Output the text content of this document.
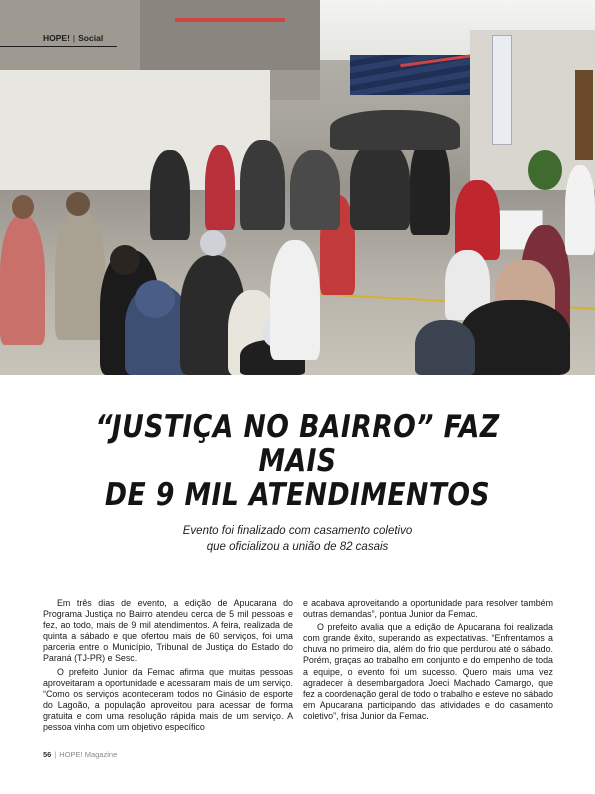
HOPE! | Social
“JUSTIÇA NO BAIRRO” FAZ MAIS
DE 9 MIL ATENDIMENTOS
Evento foi finalizado com casamento coletivo
que oficializou a união de 82 casais

Em três dias de evento, a edição de Apucarana do Programa Justiça no Bairro atendeu cerca de 5 mil pessoas e fez, ao todo, mais de 9 mil atendimentos. A feira, realizada de quinta a sábado e que ofertou mais de 60 serviços, foi uma parceria entre o Município, Tribunal de Justiça do Estado do Paraná (TJ-PR) e Sesc.

O prefeito Junior da Femac afirma que muitas pessoas aproveitaram a oportunidade e acessaram mais de um serviço. “Como os serviços aconteceram todos no Ginásio de esporte do Lagoão, a população aproveitou para acessar de forma gratuita e com uma resolução rápida mais de um serviço. A pessoa vinha com um objetivo específico

e acabava aproveitando a oportunidade para resolver também outras demandas”, pontua Junior da Femac.

O prefeito avalia que a edição de Apucarana foi realizada com grande êxito, superando as expectativas. “Enfrentamos a chuva no primeiro dia, além do frio que perdurou até o sábado. Porém, graças ao trabalho em conjunto e do empenho de toda a equipe, o evento foi um sucesso. Quero mais uma vez agradecer à desembargadora Joeci Machado Camargo, que fez a coordenação geral de todo o trabalho e esteve no sábado em Apucarana participando das atividades e do casamento coletivo”, frisa Junior da Femac.

56 | HOPE! Magazine
